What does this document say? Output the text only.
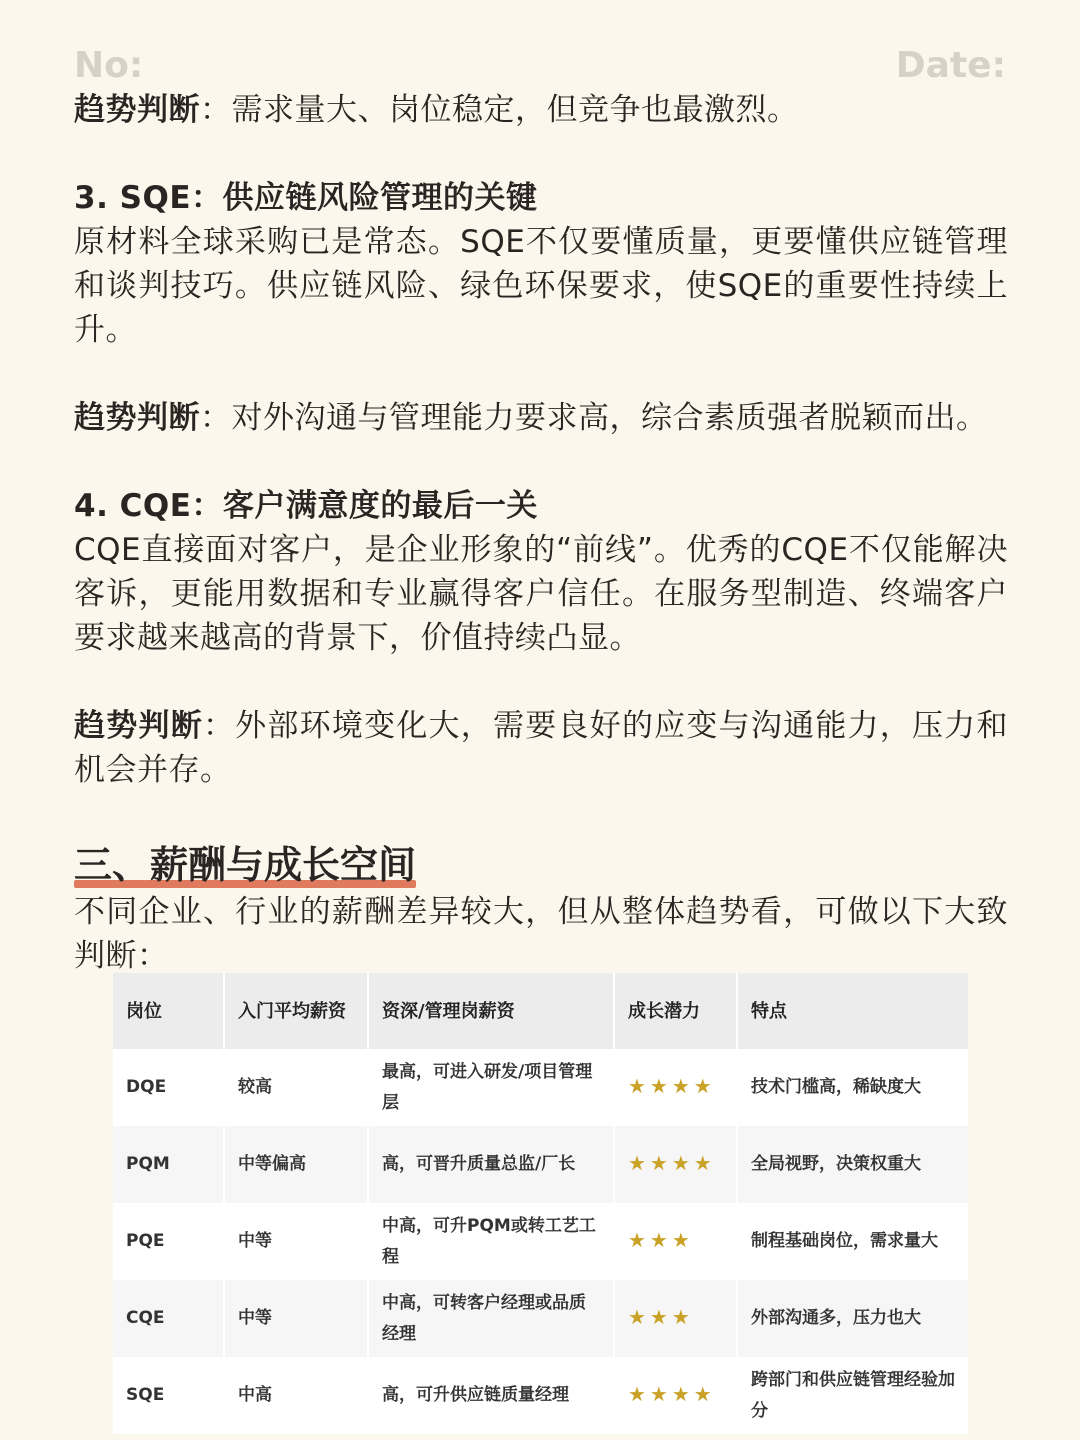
No:	Date:

趋势判断：需求量大、岗位稳定，但竞争也最激烈。

3. SQE：供应链风险管理的关键

原材料全球采购已是常态。SQE不仅要懂质量，更要懂供应链管理和谈判技巧。供应链风险、绿色环保要求，使SQE的重要性持续上升。

趋势判断：对外沟通与管理能力要求高，综合素质强者脱颖而出。

4. CQE：客户满意度的最后一关

CQE直接面对客户，是企业形象的“前线”。优秀的CQE不仅能解决客诉，更能用数据和专业赢得客户信任。在服务型制造、终端客户要求越来越高的背景下，价值持续凸显。

趋势判断：外部环境变化大，需要良好的应变与沟通能力，压力和机会并存。

三、薪酬与成长空间

不同企业、行业的薪酬差异较大，但从整体趋势看，可做以下大致判断：

岗位	入门平均薪资	资深/管理岗薪资	成长潜力	特点
DQE	较高	最高，可进入研发/项目管理层	★★★★	技术门槛高，稀缺度大
PQM	中等偏高	高，可晋升质量总监/厂长	★★★★	全局视野，决策权重大
PQE	中等	中高，可升PQM或转工艺工程	★★★	制程基础岗位，需求量大
CQE	中等	中高，可转客户经理或品质经理	★★★	外部沟通多，压力也大
SQE	中高	高，可升供应链质量经理	★★★★	跨部门和供应链管理经验加分
